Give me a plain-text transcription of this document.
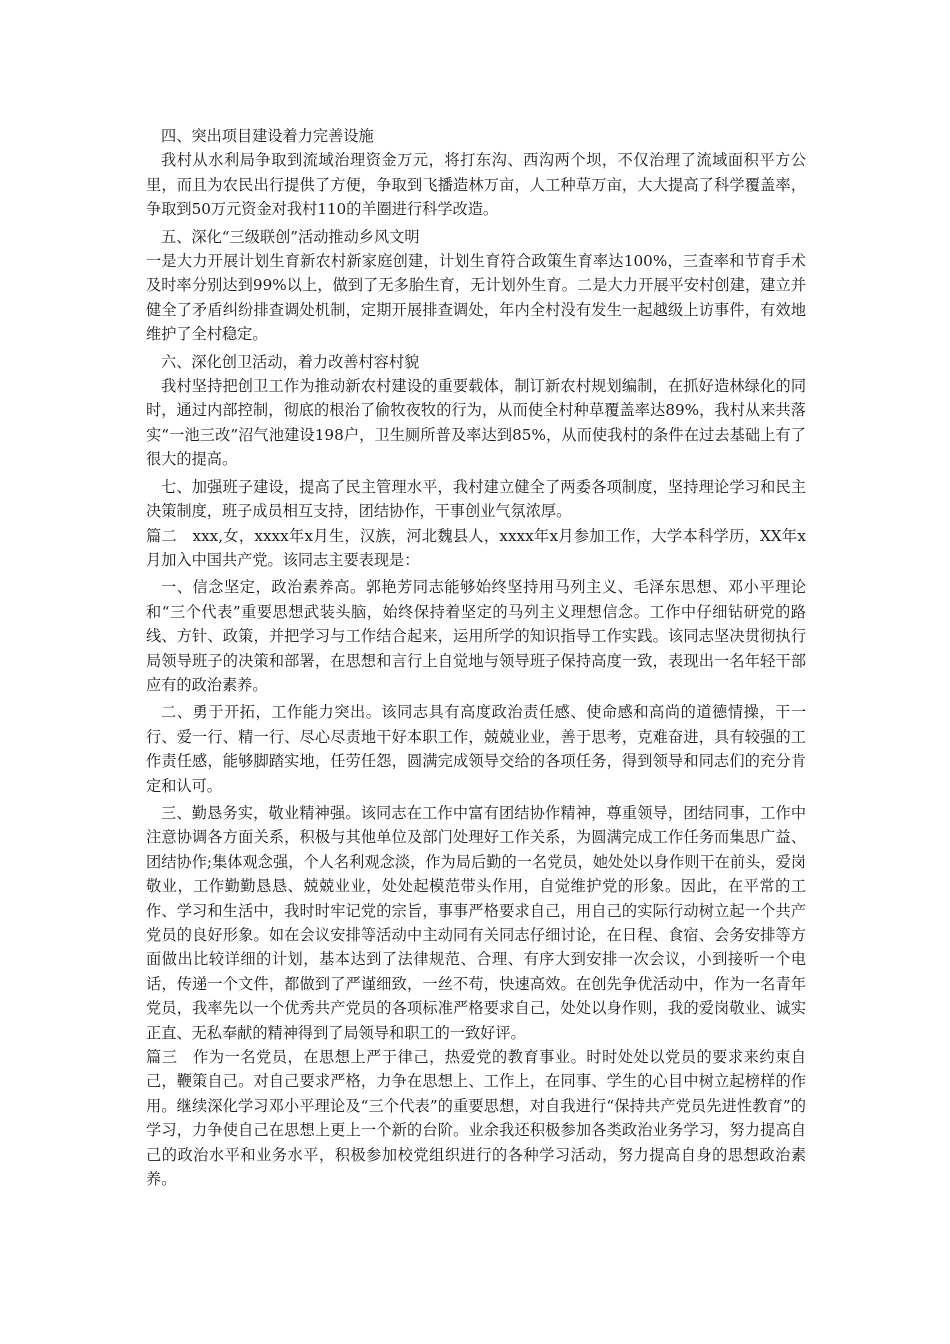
四、突出项目建设着力完善设施

我村从水利局争取到流域治理资金万元，将打东沟、西沟两个坝，不仅治理了流域面积平方公里，而且为农民出行提供了方便，争取到飞播造林万亩，人工种草万亩，大大提高了科学覆盖率，争取到50万元资金对我村110的羊圈进行科学改造。

五、深化“三级联创”活动推动乡风文明

一是大力开展计划生育新农村新家庭创建，计划生育符合政策生育率达100%，三查率和节育手术及时率分别达到99%以上，做到了无多胎生育，无计划外生育。二是大力开展平安村创建，建立并健全了矛盾纠纷排查调处机制，定期开展排查调处，年内全村没有发生一起越级上访事件，有效地维护了全村稳定。

六、深化创卫活动，着力改善村容村貌

我村坚持把创卫工作为推动新农村建设的重要载体，制订新农村规划编制，在抓好造林绿化的同时，通过内部控制，彻底的根治了偷牧夜牧的行为，从而使全村种草覆盖率达89%，我村从来共落实“一池三改”沼气池建设198户，卫生厕所普及率达到85%，从而使我村的条件在过去基础上有了很大的提高。

七、加强班子建设，提高了民主管理水平，我村建立健全了两委各项制度，坚持理论学习和民主决策制度，班子成员相互支持，团结协作，干事创业气氛浓厚。

篇二　xxx,女，xxxx年x月生，汉族，河北魏县人，xxxx年x月参加工作，大学本科学历，XX年x月加入中国共产党。该同志主要表现是：

一、信念坚定，政治素养高。郭艳芳同志能够始终坚持用马列主义、毛泽东思想、邓小平理论和“三个代表”重要思想武装头脑，始终保持着坚定的马列主义理想信念。工作中仔细钻研党的路线、方针、政策，并把学习与工作结合起来，运用所学的知识指导工作实践。该同志坚决贯彻执行局领导班子的决策和部署，在思想和言行上自觉地与领导班子保持高度一致，表现出一名年轻干部应有的政治素养。

二、勇于开拓，工作能力突出。该同志具有高度政治责任感、使命感和高尚的道德情操，干一行、爱一行、精一行、尽心尽责地干好本职工作，兢兢业业，善于思考，克难奋进，具有较强的工作责任感，能够脚踏实地，任劳任怨，圆满完成领导交给的各项任务，得到领导和同志们的充分肯定和认可。

三、勤恳务实，敬业精神强。该同志在工作中富有团结协作精神，尊重领导，团结同事，工作中注意协调各方面关系，积极与其他单位及部门处理好工作关系，为圆满完成工作任务而集思广益、团结协作;集体观念强，个人名利观念淡，作为局后勤的一名党员，她处处以身作则干在前头，爱岗敬业，工作勤勤恳恳、兢兢业业，处处起模范带头作用，自觉维护党的形象。因此，在平常的工作、学习和生活中，我时时牢记党的宗旨，事事严格要求自己，用自己的实际行动树立起一个共产党员的良好形象。如在会议安排等活动中主动同有关同志仔细讨论，在日程、食宿、会务安排等方面做出比较详细的计划，基本达到了法律规范、合理、有序大到安排一次会议，小到接听一个电话，传递一个文件，都做到了严谨细致，一丝不苟，快速高效。在创先争优活动中，作为一名青年党员，我率先以一个优秀共产党员的各项标准严格要求自己，处处以身作则，我的爱岗敬业、诚实正直、无私奉献的精神得到了局领导和职工的一致好评。

篇三　作为一名党员，在思想上严于律己，热爱党的教育事业。时时处处以党员的要求来约束自己，鞭策自己。对自己要求严格，力争在思想上、工作上，在同事、学生的心目中树立起榜样的作用。继续深化学习邓小平理论及“三个代表”的重要思想，对自我进行“保持共产党员先进性教育”的学习，力争使自己在思想上更上一个新的台阶。业余我还积极参加各类政治业务学习，努力提高自己的政治水平和业务水平，积极参加校党组织进行的各种学习活动，努力提高自身的思想政治素养。
